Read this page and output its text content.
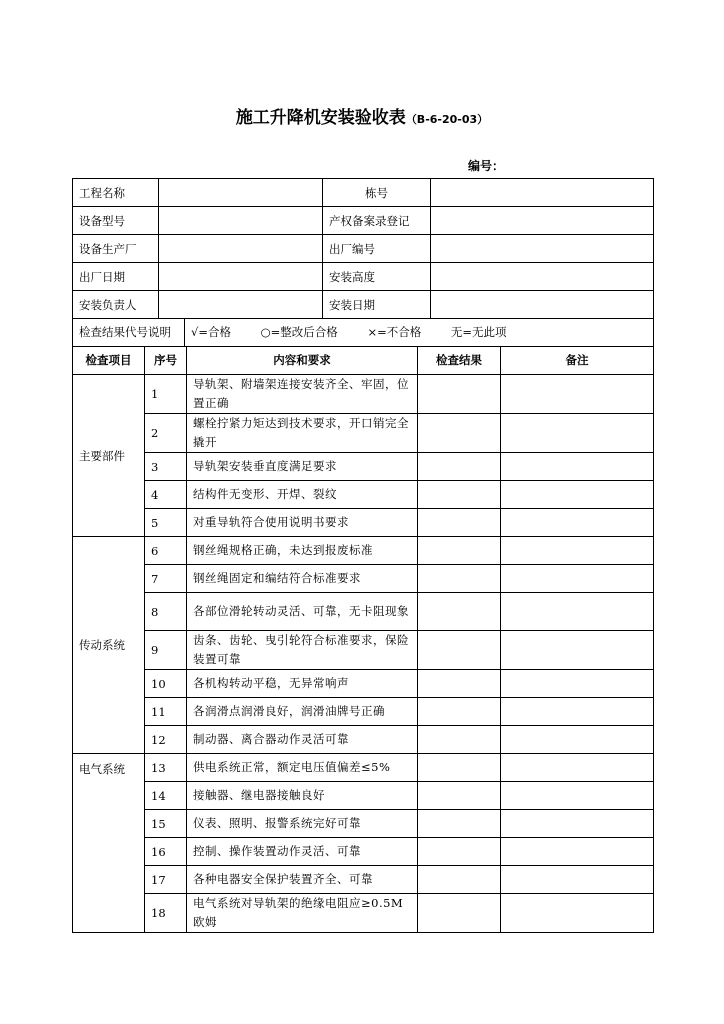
施工升降机安装验收表（B-6-20-03）
编号：
工程名称		栋号	
设备型号		产权备案录登记	
设备生产厂		出厂编号	
出厂日期		安装高度	
安装负责人		安装日期	
检查结果代号说明	√=合格	○=整改后合格	×=不合格	无=无此项
检查项目	序号	内容和要求	检查结果	备注
主要部件	1	导轨架、附墙架连接安装齐全、牢固，位置正确		
	2	螺栓拧紧力矩达到技术要求，开口销完全撬开		
	3	导轨架安装垂直度满足要求		
	4	结构件无变形、开焊、裂纹		
	5	对重导轨符合使用说明书要求		
传动系统	6	钢丝绳规格正确，未达到报废标准		
	7	钢丝绳固定和编结符合标准要求		
	8	各部位滑轮转动灵活、可靠，无卡阻现象		
	9	齿条、齿轮、曳引轮符合标准要求，保险装置可靠		
	10	各机构转动平稳，无异常响声		
	11	各润滑点润滑良好，润滑油牌号正确		
	12	制动器、离合器动作灵活可靠		
电气系统	13	供电系统正常，额定电压值偏差≤5%		
	14	接触器、继电器接触良好		
	15	仪表、照明、报警系统完好可靠		
	16	控制、操作装置动作灵活、可靠		
	17	各种电器安全保护装置齐全、可靠		
	18	电气系统对导轨架的绝缘电阻应≥0.5M欧姆		
